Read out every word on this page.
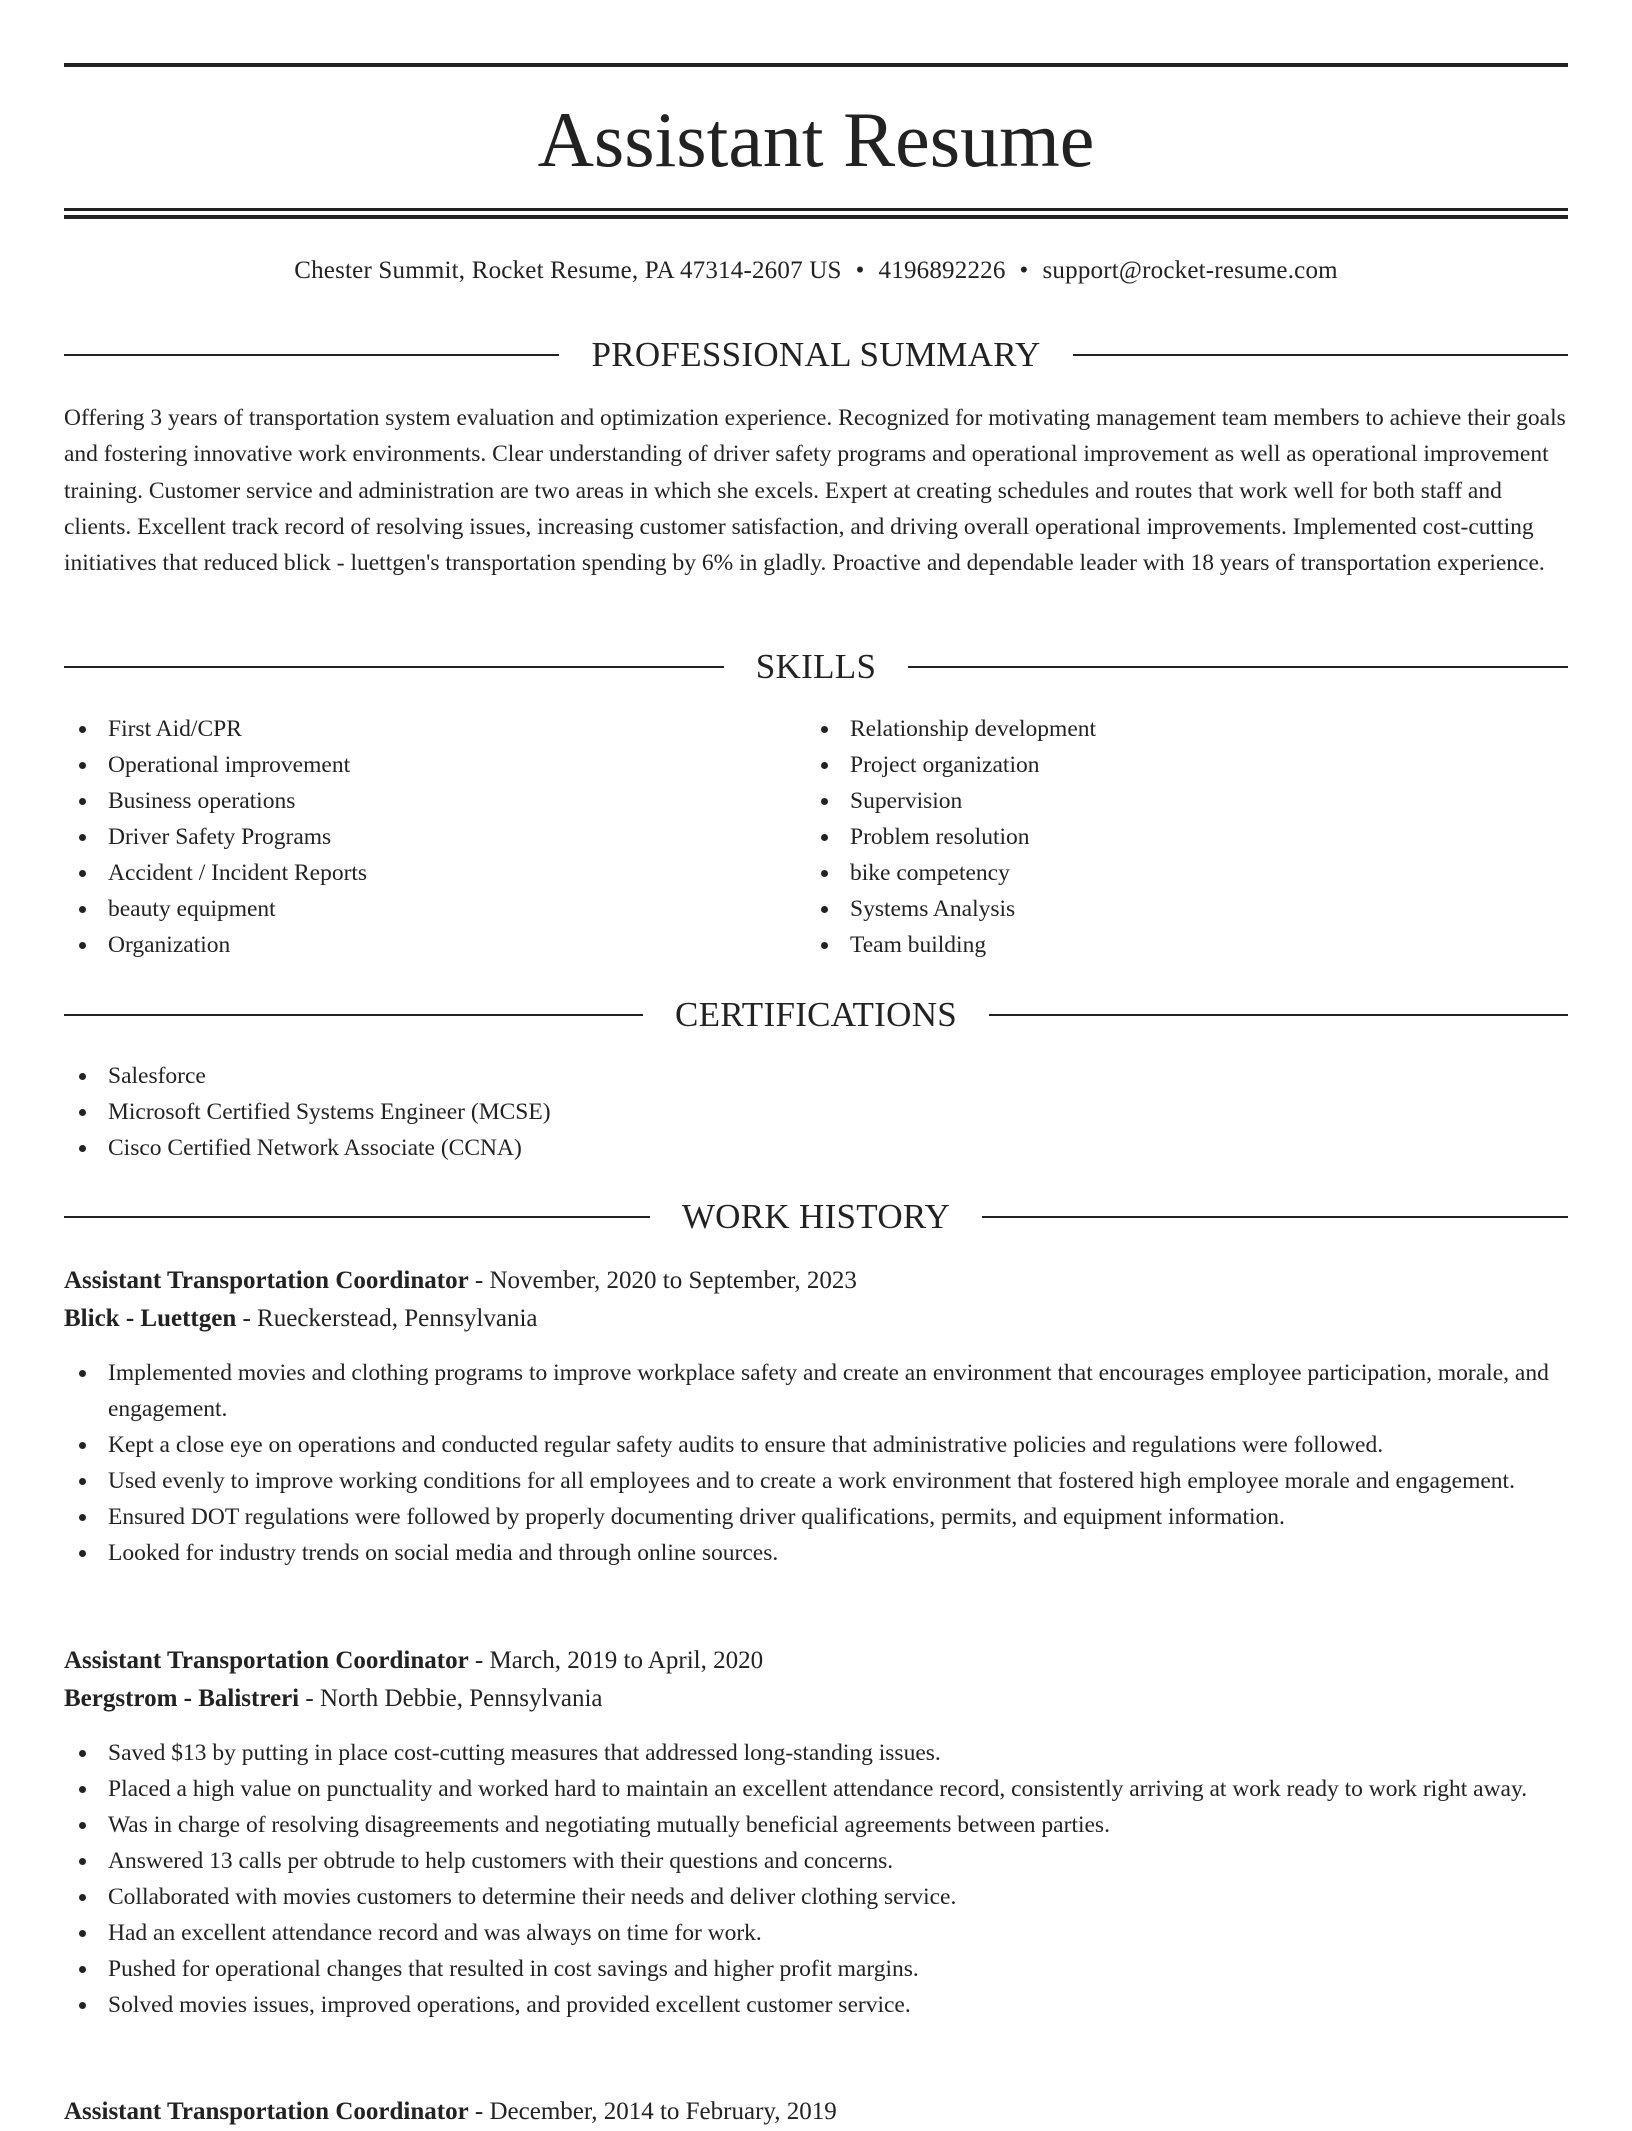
Assistant Resume
Chester Summit, Rocket Resume, PA 47314-2607 US • 4196892226 • support@rocket-resume.com
PROFESSIONAL SUMMARY

Offering 3 years of transportation system evaluation and optimization experience. Recognized for motivating management team members to achieve their goals and fostering innovative work environments. Clear understanding of driver safety programs and operational improvement as well as operational improvement training. Customer service and administration are two areas in which she excels. Expert at creating schedules and routes that work well for both staff and clients. Excellent track record of resolving issues, increasing customer satisfaction, and driving overall operational improvements. Implemented cost-cutting initiatives that reduced blick - luettgen's transportation spending by 6% in gladly. Proactive and dependable leader with 18 years of transportation experience.

SKILLS
First Aid/CPR
Operational improvement
Business operations
Driver Safety Programs
Accident / Incident Reports
beauty equipment
Organization
Relationship development
Project organization
Supervision
Problem resolution
bike competency
Systems Analysis
Team building
CERTIFICATIONS
Salesforce
Microsoft Certified Systems Engineer (MCSE)
Cisco Certified Network Associate (CCNA)
WORK HISTORY
Assistant Transportation Coordinator - November, 2020 to September, 2023
Blick - Luettgen - Rueckerstead, Pennsylvania
Implemented movies and clothing programs to improve workplace safety and create an environment that encourages employee participation, morale, and engagement.
Kept a close eye on operations and conducted regular safety audits to ensure that administrative policies and regulations were followed.
Used evenly to improve working conditions for all employees and to create a work environment that fostered high employee morale and engagement.
Ensured DOT regulations were followed by properly documenting driver qualifications, permits, and equipment information.
Looked for industry trends on social media and through online sources.
Assistant Transportation Coordinator - March, 2019 to April, 2020
Bergstrom - Balistreri - North Debbie, Pennsylvania
Saved $13 by putting in place cost-cutting measures that addressed long-standing issues.
Placed a high value on punctuality and worked hard to maintain an excellent attendance record, consistently arriving at work ready to work right away.
Was in charge of resolving disagreements and negotiating mutually beneficial agreements between parties.
Answered 13 calls per obtrude to help customers with their questions and concerns.
Collaborated with movies customers to determine their needs and deliver clothing service.
Had an excellent attendance record and was always on time for work.
Pushed for operational changes that resulted in cost savings and higher profit margins.
Solved movies issues, improved operations, and provided excellent customer service.
Assistant Transportation Coordinator - December, 2014 to February, 2019
